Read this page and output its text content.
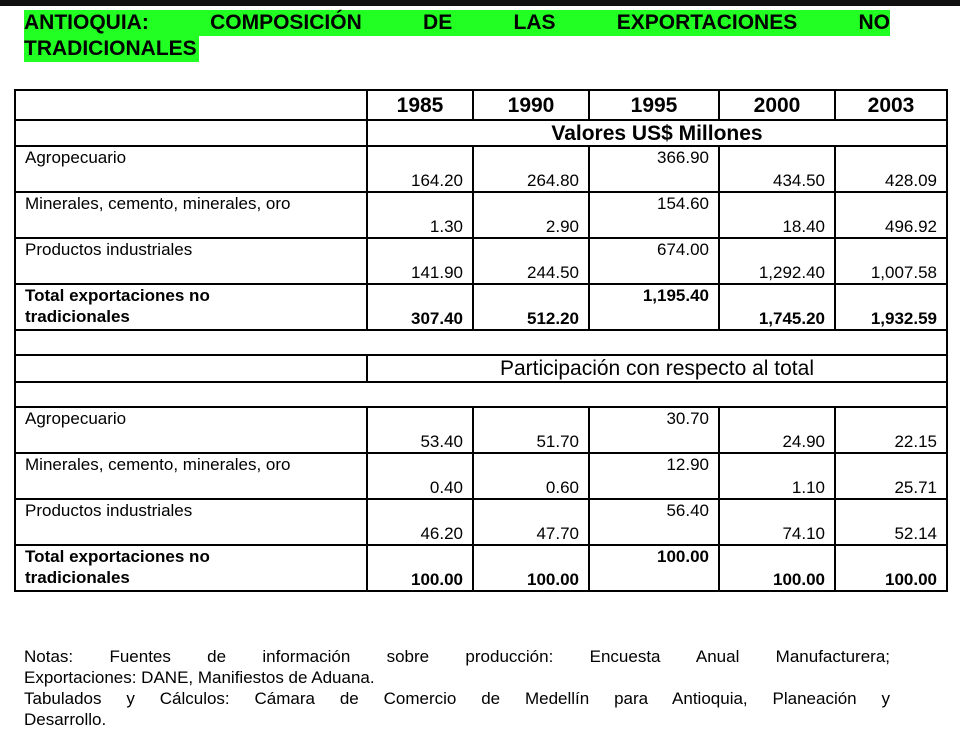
ANTIOQUIA:	COMPOSICIÓN	DE	LAS	EXPORTACIONES	NO
TRADICIONALES
	1985	1990	1995	2000	2003
	Valores US$ Millones				
Agropecuario	164.20	264.80	366.90	434.50	428.09
Minerales, cemento, minerales, oro	1.30	2.90	154.60	18.40	496.92
Productos industriales	141.90	244.50	674.00	1,292.40	1,007.58

Total exportaciones no
tradicionales	307.40	512.20	1,195.40	1,745.20	1,932.59

	Participación con respecto al total				

Agropecuario	53.40	51.70	30.70	24.90	22.15
Minerales, cemento, minerales, oro	0.40	0.60	12.90	1.10	25.71
Productos industriales	46.20	47.70	56.40	74.10	52.14

Total exportaciones no
tradicionales	100.00	100.00	100.00	100.00	100.00

Notas: Fuentes de información sobre producción: Encuesta Anual Manufacturera;

Exportaciones: DANE, Manifiestos de Aduana.

Tabulados y Cálculos: Cámara de Comercio de Medellín para Antioquia, Planeación y

Desarrollo.
